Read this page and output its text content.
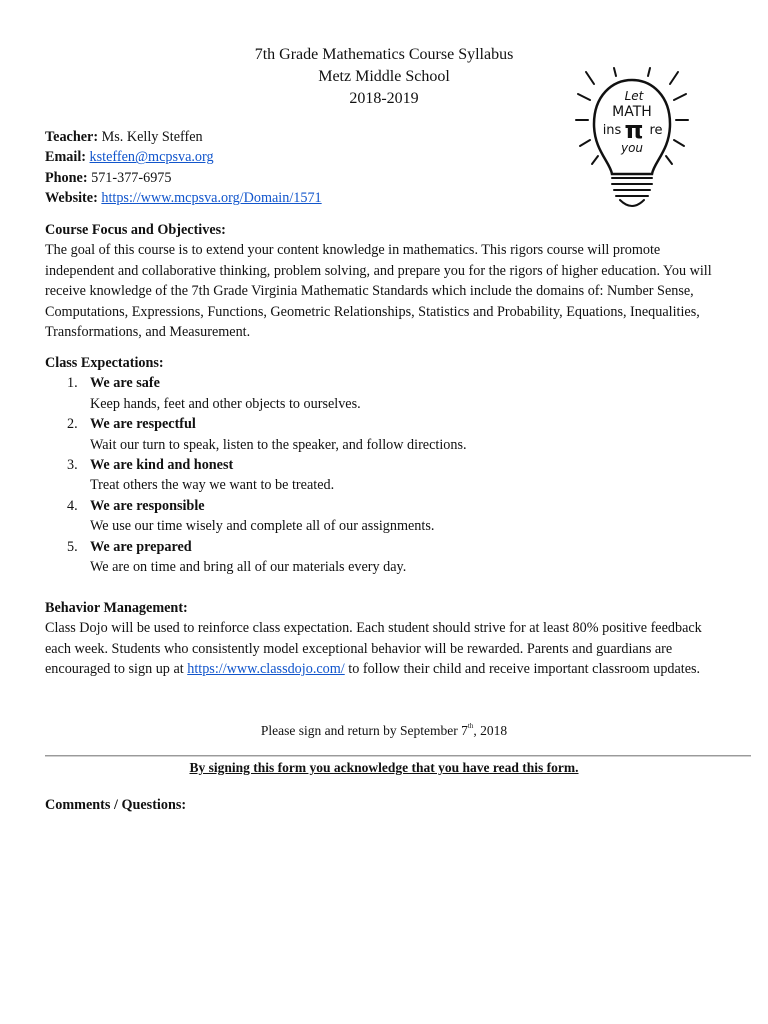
7th Grade Mathematics Course Syllabus
Metz Middle School
2018-2019	Let
MATH
ins π re
you
Teacher: Ms. Kelly Steffen
Email: ksteffen@mcpsva.org
Phone: 571-377-6975
Website: https://www.mcpsva.org/Domain/1571
Course Focus and Objectives:

The goal of this course is to extend your content knowledge in mathematics. This rigors course will promote independent and collaborative thinking, problem solving, and prepare you for the rigors of higher education. You will receive knowledge of the 7th Grade Virginia Mathematic Standards which include the domains of: Number Sense, Computations, Expressions, Functions, Geometric Relationships, Statistics and Probability, Equations, Inequalities, Transformations, and Measurement.

Class Expectations:
1. We are safe
Keep hands, feet and other objects to ourselves.
2. We are respectful
Wait our turn to speak, listen to the speaker, and follow directions.
3. We are kind and honest
Treat others the way we want to be treated.
4. We are responsible
We use our time wisely and complete all of our assignments.
5. We are prepared
We are on time and bring all of our materials every day.
Behavior Management:

Class Dojo will be used to reinforce class expectation. Each student should strive for at least 80% positive feedback each week. Students who consistently model exceptional behavior will be rewarded. Parents and guardians are encouraged to sign up at https://www.classdojo.com/ to follow their child and receive important classroom updates.

Please sign and return by September 7th, 2018
By signing this form you acknowledge that you have read this form.
Comments / Questions:
